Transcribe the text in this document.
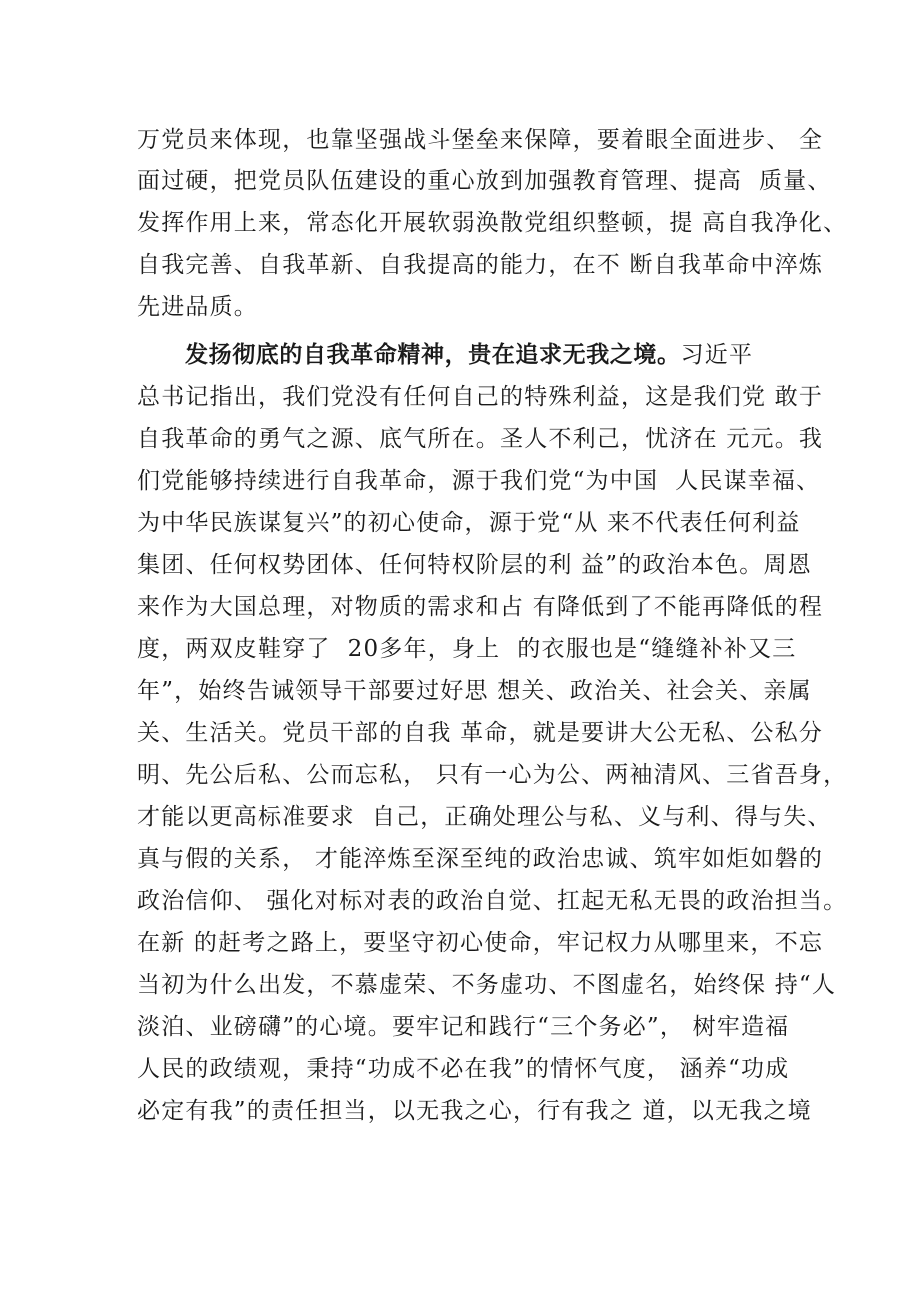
万党员来体现，也靠坚强战斗堡垒来保障，要着眼全面进步、 全
面过硬，把党员队伍建设的重心放到加强教育管理、提高  质量、
发挥作用上来，常态化开展软弱涣散党组织整顿，提 高自我净化、
自我完善、自我革新、自我提高的能力，在不 断自我革命中淬炼
先进品质。
发扬彻底的自我革命精神，贵在追求无我之境。习近平
总书记指出，我们党没有任何自己的特殊利益，这是我们党 敢于
自我革命的勇气之源、底气所在。圣人不利己，忧济在 元元。我
们党能够持续进行自我革命，源于我们党“为中国  人民谋幸福、
为中华民族谋复兴”的初心使命，源于党“从 来不代表任何利益
集团、任何权势团体、任何特权阶层的利 益”的政治本色。周恩
来作为大国总理，对物质的需求和占 有降低到了不能再降低的程
度，两双皮鞋穿了  20多年，身上  的衣服也是“缝缝补补又三
年”，始终告诫领导干部要过好思 想关、政治关、社会关、亲属
关、生活关。党员干部的自我 革命，就是要讲大公无私、公私分
明、先公后私、公而忘私， 只有一心为公、两袖清风、三省吾身，
才能以更高标准要求  自己，正确处理公与私、义与利、得与失、
真与假的关系， 才能淬炼至深至纯的政治忠诚、筑牢如炬如磐的
政治信仰、 强化对标对表的政治自觉、扛起无私无畏的政治担当。
在新 的赶考之路上，要坚守初心使命，牢记权力从哪里来，不忘
当初为什么出发，不慕虚荣、不务虚功、不图虚名，始终保 持“人
淡泊、业磅礴”的心境。要牢记和践行“三个务必”， 树牢造福
人民的政绩观，秉持“功成不必在我”的情怀气度， 涵养“功成
必定有我”的责任担当，以无我之心，行有我之 道，以无我之境
